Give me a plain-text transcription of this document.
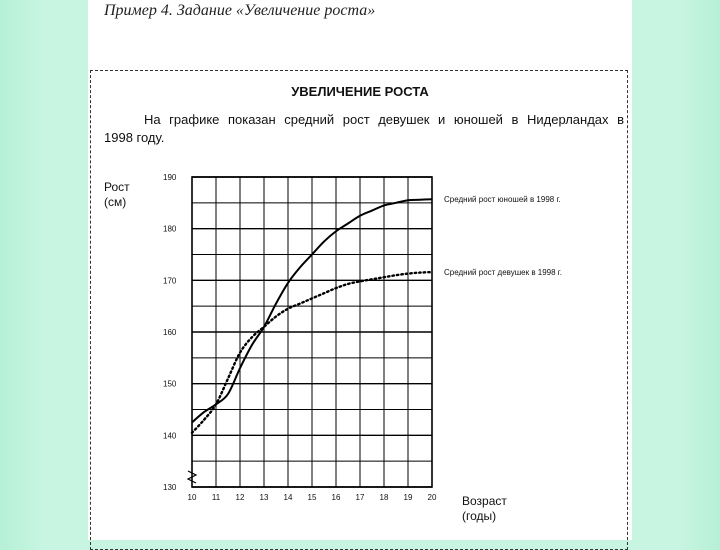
Пример 4. Задание «Увеличение роста»
УВЕЛИЧЕНИЕ РОСТА
На графике показан средний рост девушек и юношей в Нидерландах в
1998 году.
Рост
(см)
Возраст
(годы)
130
140
150
160
170
180
190
10 11 12 13 14 15 16 17 18 19 20
Средний рост юношей в 1998 г.
Средний рост девушек в 1998 г.
